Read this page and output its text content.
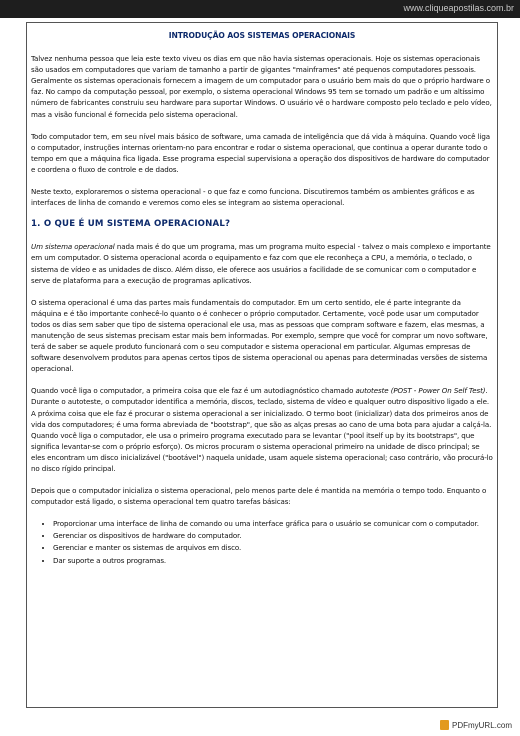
www.cliqueapostilas.com.br
INTRODUÇÃO AOS SISTEMAS OPERACIONAIS

Talvez nenhuma pessoa que leia este texto viveu os dias em que não havia sistemas operacionais. Hoje os sistemas operacionais são usados em computadores que variam de tamanho a partir de gigantes "mainframes" até pequenos computadores pessoais. Geralmente os sistemas operacionais fornecem a imagem de um computador para o usuário bem mais do que o próprio hardware o faz. No campo da computação pessoal, por exemplo, o sistema operacional Windows 95 tem se tornado um padrão e um altíssimo número de fabricantes construiu seu hardware para suportar Windows. O usuário vê o hardware composto pelo teclado e pelo vídeo, mas a visão funcional é fornecida pelo sistema operacional.

Todo computador tem, em seu nível mais básico de software, uma camada de inteligência que dá vida à máquina. Quando você liga o computador, instruções internas orientam-no para encontrar e rodar o sistema operacional, que continua a operar durante todo o tempo em que a máquina fica ligada. Esse programa especial supervisiona a operação dos dispositivos de hardware do computador e coordena o fluxo de controle e de dados.

Neste texto, exploraremos o sistema operacional - o que faz e como funciona. Discutiremos também os ambientes gráficos e as interfaces de linha de comando e veremos como eles se integram ao sistema operacional.

1. O QUE É UM SISTEMA OPERACIONAL?

Um sistema operacional nada mais é do que um programa, mas um programa muito especial - talvez o mais complexo e importante em um computador. O sistema operacional acorda o equipamento e faz com que ele reconheça a CPU, a memória, o teclado, o sistema de vídeo e as unidades de disco. Além disso, ele oferece aos usuários a facilidade de se comunicar com o computador e serve de plataforma para a execução de programas aplicativos.

O sistema operacional é uma das partes mais fundamentais do computador. Em um certo sentido, ele é parte integrante da máquina e é tão importante conhecê-lo quanto o é conhecer o próprio computador. Certamente, você pode usar um computador todos os dias sem saber que tipo de sistema operacional ele usa, mas as pessoas que compram software e fazem, elas mesmas, a manutenção de seus sistemas precisam estar mais bem informadas. Por exemplo, sempre que você for comprar um novo software, terá de saber se aquele produto funcionará com o seu computador e sistema operacional em particular. Algumas empresas de software desenvolvem produtos para apenas certos tipos de sistema operacional ou apenas para determinadas versões de sistema operacional.

Quando você liga o computador, a primeira coisa que ele faz é um autodiagnóstico chamado autoteste (POST - Power On Self Test). Durante o autoteste, o computador identifica a memória, discos, teclado, sistema de vídeo e qualquer outro dispositivo ligado a ele. A próxima coisa que ele faz é procurar o sistema operacional a ser inicializado. O termo boot (inicializar) data dos primeiros anos de vida dos computadores; é uma forma abreviada de "bootstrap", que são as alças presas ao cano de uma bota para ajudar a calçá-la. Quando você liga o computador, ele usa o primeiro programa executado para se levantar ("pool itself up by its bootstraps", que significa levantar-se com o próprio esforço). Os micros procuram o sistema operacional primeiro na unidade de disco principal; se eles encontram um disco inicializável ("bootável") naquela unidade, usam aquele sistema operacional; caso contrário, vão procurá-lo no disco rígido principal.

Depois que o computador inicializa o sistema operacional, pelo menos parte dele é mantida na memória o tempo todo. Enquanto o computador está ligado, o sistema operacional tem quatro tarefas básicas:

• Proporcionar uma interface de linha de comando ou uma interface gráfica para o usuário se comunicar com o computador.
• Gerenciar os dispositivos de hardware do computador.
• Gerenciar e manter os sistemas de arquivos em disco.
• Dar suporte a outros programas.
PDFmyURL.com
